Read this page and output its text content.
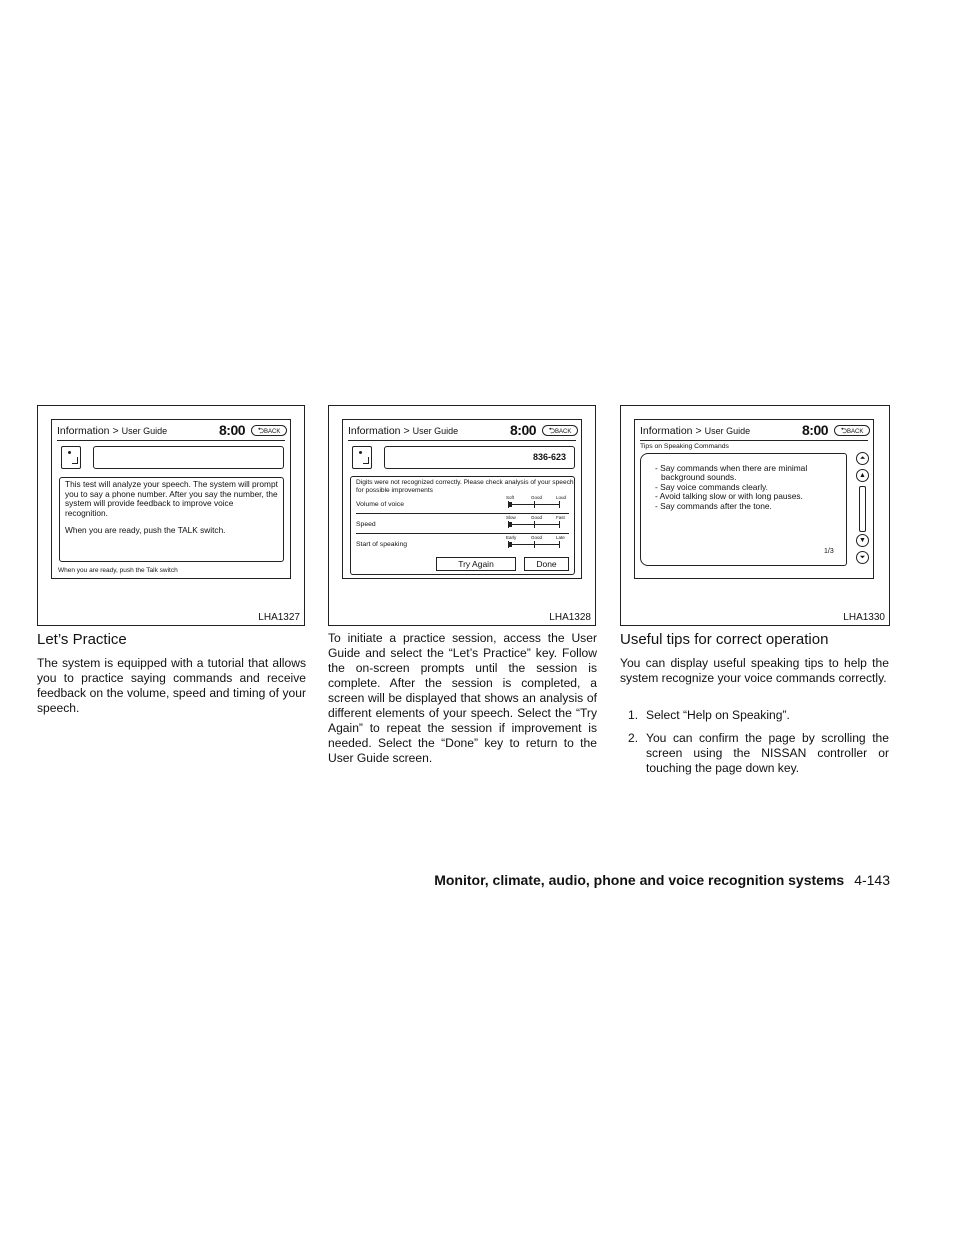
Information > User Guide	8:00	⮌BACK

This test will analyze your speech. The system will prompt you to say a phone number. After you say the number, the system will provide feedback to improve voice recognition.

When you are ready, push the TALK switch.

When you are ready, push the Talk switch
LHA1327
Information > User Guide	8:00	⮌BACK
836-623
Digits were not recognized correctly. Please check analysis of your speech for possible improvements
Volume of voice
Soft	Good	Loud
Speed
Slow	Good	Fast
Start of speaking
Early	Good	Late
Try Again	Done
LHA1328
Information > User Guide	8:00	⮌BACK
Tips on Speaking Commands
- Say commands when there are minimal
background sounds.
- Say voice commands clearly.
- Avoid talking slow or with long pauses.
- Say commands after the tone.
1/3
⏶
▲
▼
⏷
LHA1330
Let’s Practice

The system is equipped with a tutorial that allows you to practice saying commands and receive feedback on the volume, speed and timing of your speech.

To initiate a practice session, access the User Guide and select the “Let’s Practice” key. Follow the on-screen prompts until the session is complete. After the session is completed, a screen will be displayed that shows an analysis of different elements of your speech. Select the “Try Again” to repeat the session if improvement is needed. Select the “Done” key to return to the User Guide screen.

Useful tips for correct operation

You can display useful speaking tips to help the system recognize your voice commands correctly.

1. Select “Help on Speaking”.
2. You can confirm the page by scrolling the screen using the NISSAN controller or touching the page down key.
Monitor, climate, audio, phone and voice recognition systems 4-143
